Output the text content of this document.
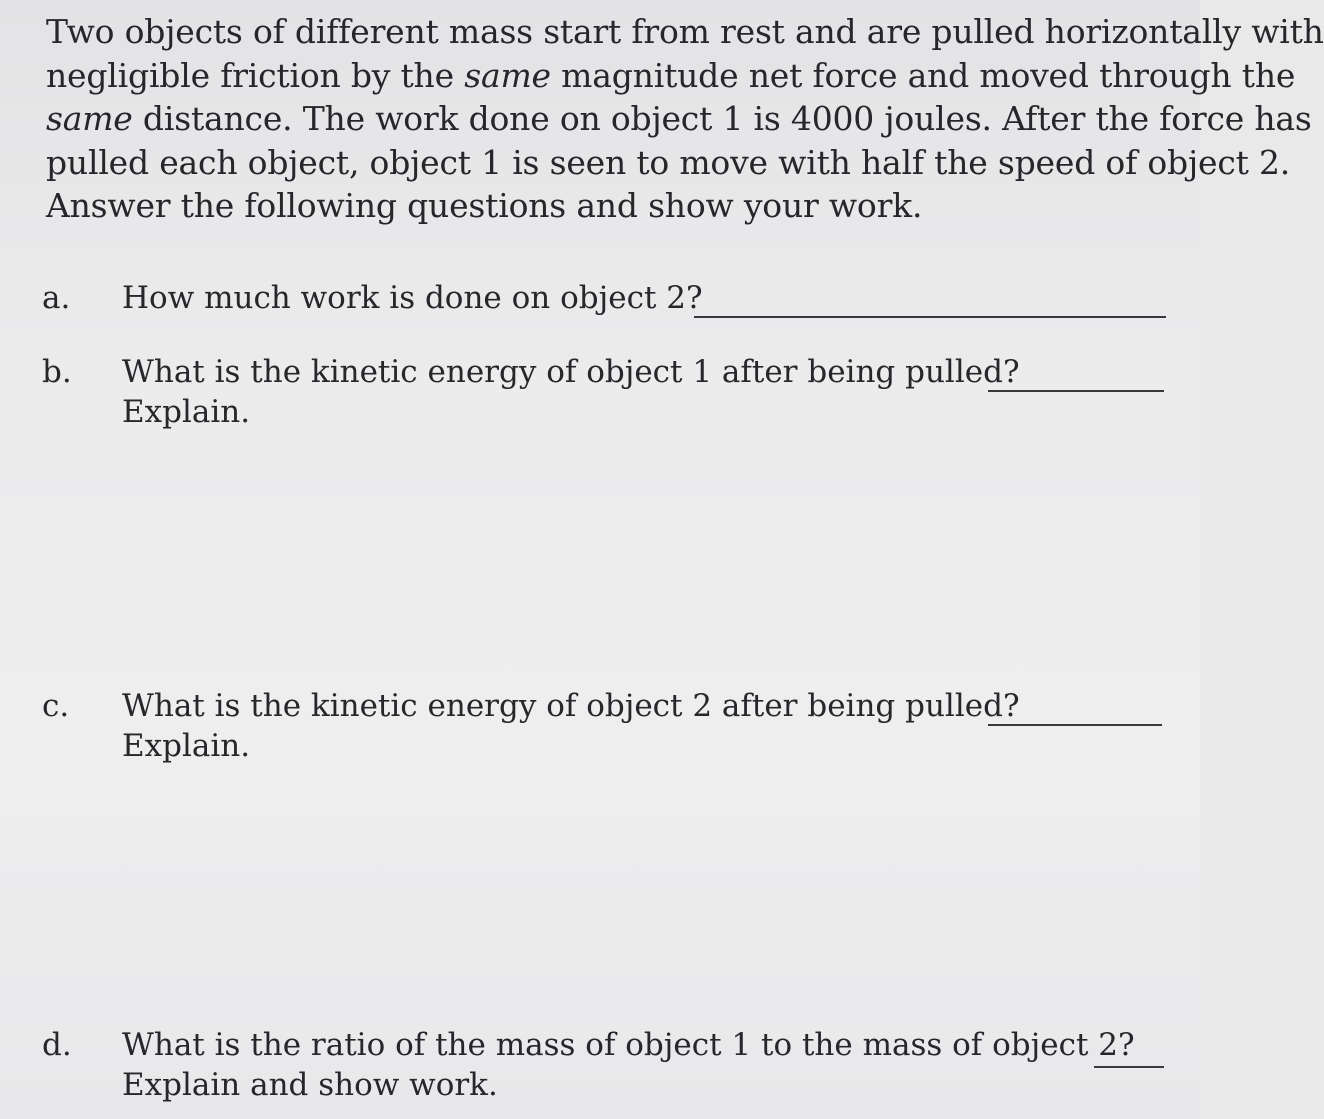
Two objects of different mass start from rest and are pulled horizontally with
negligible friction by the same magnitude net force and moved through the
same distance. The work done on object 1 is 4000 joules. After the force has
pulled each object, object 1 is seen to move with half the speed of object 2.
Answer the following questions and show your work.
a. How much work is done on object 2?
b. What is the kinetic energy of object 1 after being pulled?
Explain.
c. What is the kinetic energy of object 2 after being pulled?
Explain.
d. What is the ratio of the mass of object 1 to the mass of object 2?
Explain and show work.
